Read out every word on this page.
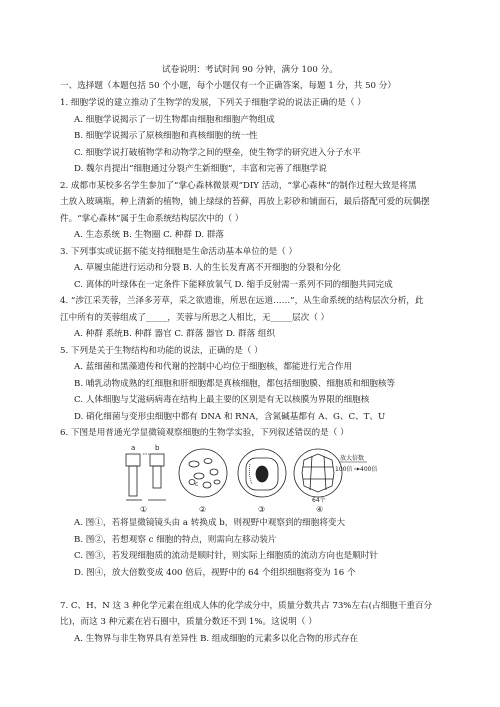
试卷说明：考试时间 90 分钟，满分 100 分。
一、选择题（本题包括 50 个小题，每个小题仅有一个正确答案，每题 1 分，共 50 分）
1. 细胞学说的建立推动了生物学的发展，下列关于细胞学说的说法正确的是（ ）
A. 细胞学说揭示了一切生物都由细胞和细胞产物组成
B. 细胞学说揭示了原核细胞和真核细胞的统一性
C. 细胞学说打破植物学和动物学之间的壁垒，使生物学的研究进入分子水平
D. 魏尔肖提出“细胞通过分裂产生新细胞”，丰富和完善了细胞学说
2. 成都市某校多名学生参加了“掌心森林微景观”DIY 活动，“掌心森林”的制作过程大致是将黑
土放入玻璃瓶，种上清新的植物，铺上绿绿的苔藓，再放上彩砂和铺面石，最后搭配可爱的玩偶摆
件。“掌心森林”属于生命系统结构层次中的（ ）
A. 生态系统 B. 生物圈 C. 种群 D. 群落
3. 下列事实或证据不能支持细胞是生命活动基本单位的是（ ）
A. 草履虫能进行运动和分裂 B. 人的生长发育离不开细胞的分裂和分化
C. 离体的叶绿体在一定条件下能释放氧气 D. 缩手反射需一系列不同的细胞共同完成
4. “涉江采芙蓉，兰泽多芳草，采之欲遗谁，所思在远道……”，从生命系统的结构层次分析，此
江中所有的芙蓉组成了_____，芙蓉与所思之人相比，无_____层次（ ）
A. 种群 系统B. 种群 器官 C. 群落 器官 D. 群落 组织
5. 下列是关于生物结构和功能的说法，正确的是（ ）
A. 蓝细菌和黑藻遗传和代谢的控制中心均位于细胞核，都能进行光合作用
B. 哺乳动物成熟的红细胞和肝细胞都是真核细胞，都包括细胞膜、细胞质和细胞核等
C. 人体细胞与艾滋病病毒在结构上最主要的区别是有无以核膜为界限的细胞核
D. 硝化细菌与变形虫细胞中都有 DNA 和 RNA，含氮碱基都有 A、G、C、T、U
6. 下图是用普通光学显微镜观察细胞的生物学实验，下列叙述错误的是（ ）
a	b
①
c
②	③
64个
④
放大倍数
100倍 400倍
A. 图①，若将显微镜镜头由 a 转换成 b，则视野中观察到的细胞将变大
B. 图②，若想观察 c 细胞的特点，则需向左移动装片
C. 图③，若发现细胞质的流动是顺时针，则实际上细胞质的流动方向也是顺时针
D. 图④，放大倍数变成 400 倍后，视野中的 64 个组织细胞将变为 16 个
7. C、H、N 这 3 种化学元素在组成人体的化学成分中，质量分数共占 73%左右(占细胞干重百分
比)，而这 3 种元素在岩石圈中，质量分数还不到 1%。这说明（ ）
A. 生物界与非生物界具有差异性 B. 组成细胞的元素多以化合物的形式存在
